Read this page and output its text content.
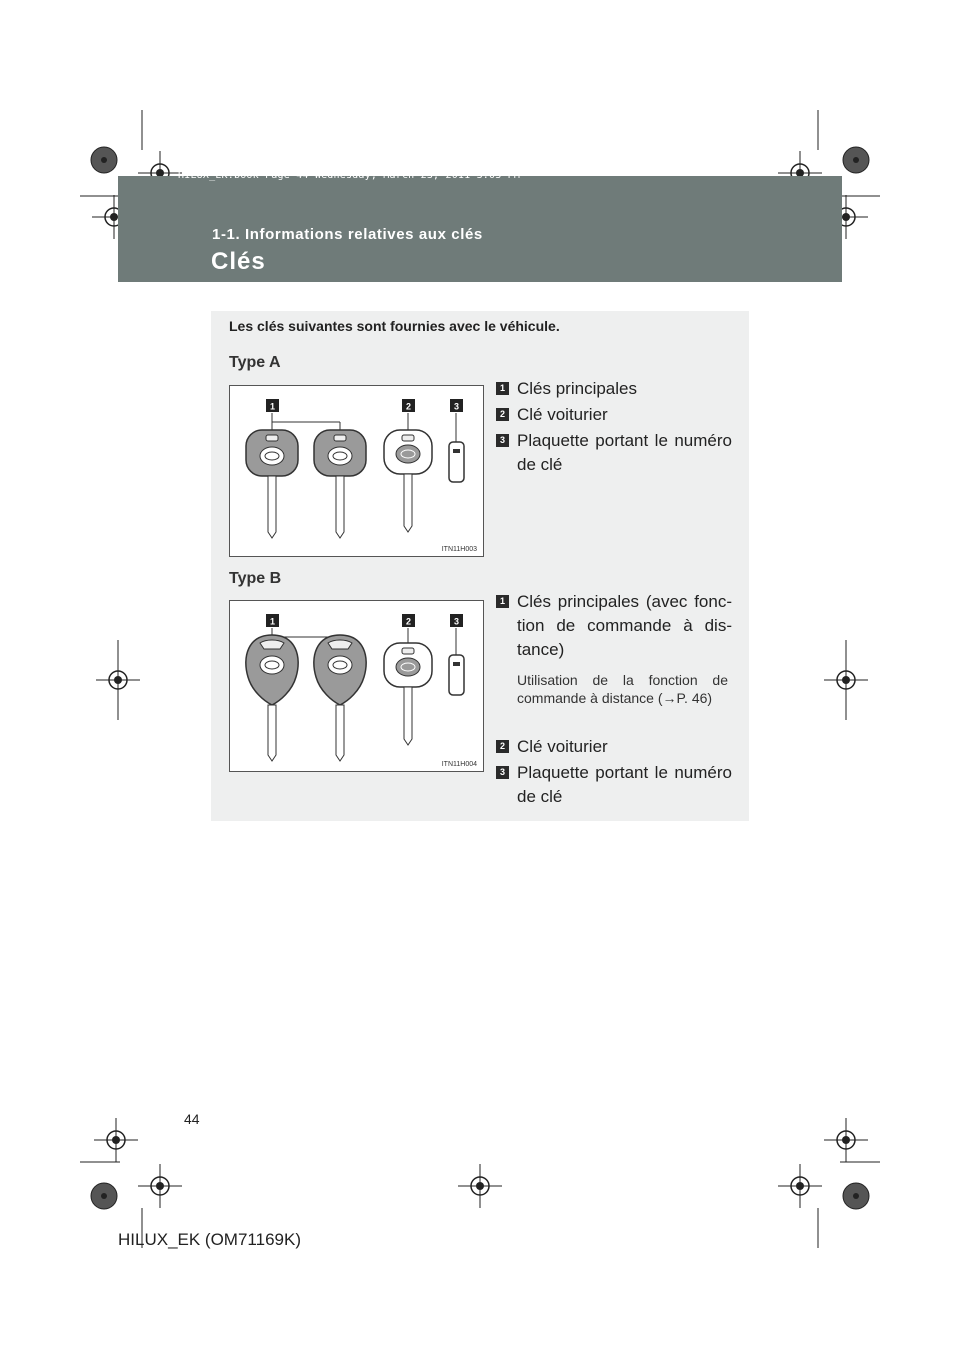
HILUX_EK.book Page 44 Wednesday, March 23, 2011 3:03 PM
1-1. Informations relatives aux clés
Clés
Les clés suivantes sont fournies avec le véhicule.
Type A
1	2	3
ITN11H003
1 Clés principales
2 Clé voiturier
3 Plaquette portant le numéro de clé
Type B
1	2	3
ITN11H004
1 Clés principales (avec fonc-tion de commande à dis-tance)
Utilisation de la fonction de commande à distance (→P. 46)
2 Clé voiturier
3 Plaquette portant le numéro de clé
44
HILUX_EK (OM71169K)
